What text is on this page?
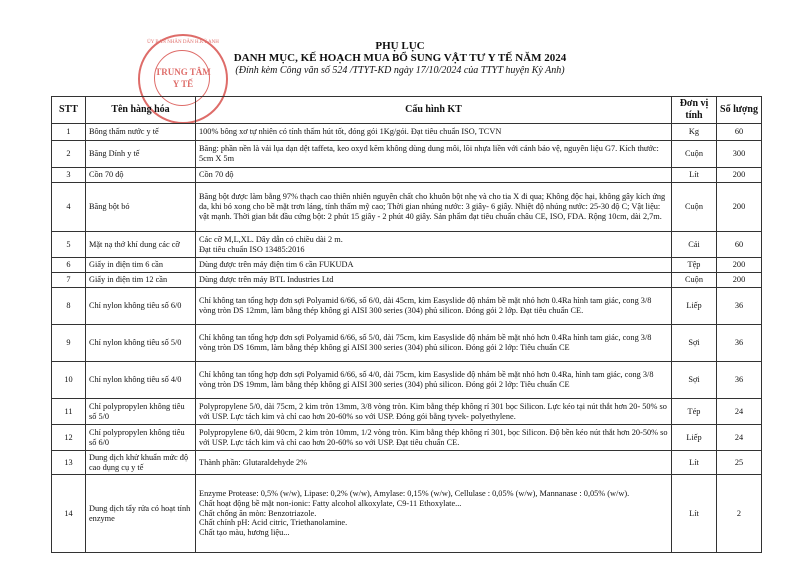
PHỤ LỤC
DANH MỤC, KẾ HOẠCH MUA BỔ SUNG VẬT TƯ Y TẾ NĂM 2024
(Đính kèm Công văn số 524 /TTYT-KD ngày 17/10/2024 của TTYT huyện Kỳ Anh)
ỦY BAN NHÂN DÂN H.KỲ ANH
TRUNG TÂM
Y TẾ
STT	Tên hàng hóa	Cấu hình KT	Đơn vị tính	Số lượng
1	Bông thấm nước y tế	100% bông xơ tự nhiên có tính thấm hút tốt, đóng gói 1Kg/gói. Đạt tiêu chuẩn ISO, TCVN	Kg	60
2	Băng Dính y tế	Băng: phần nền là vải lụa dạn dệt taffeta, keo oxyd kẽm không dùng dung môi, lõi nhựa liền với cánh bảo vệ, nguyên liệu G7. Kích thước: 5cm X 5m	Cuộn	300
3	Cồn 70 độ	Cồn 70 độ	Lít	200
4	Băng bột bó	Băng bột được làm bằng 97% thạch cao thiên nhiên nguyên chất cho khuôn bột nhẹ và cho tia X đi qua; Không độc hại, không gây kích ứng da, khi bó xong cho bề mặt trơn láng, tính thấm mỹ cao; Thời gian nhúng nước: 3 giây- 6 giây. Nhiệt độ nhúng nước: 25-30 độ C; Vật liệu: vật mạnh. Thời gian bắt đầu cứng bột: 2 phút 15 giây - 2 phút 40 giây. Sản phẩm đạt tiêu chuẩn châu CE, ISO, FDA. Rộng 10cm, dài 2,7m.	Cuộn	200
5	Mặt nạ thở khí dung các cỡ	Các cỡ M,L,XL. Dây dẫn có chiều dài 2 m.
Đạt tiêu chuẩn ISO 13485:2016	Cái	60
6	Giấy in điện tim 6 cần	Dùng được trên máy điện tim 6 cần FUKUDA	Tệp	200
7	Giấy in điện tim 12 cần	Dùng được trên máy BTL Industries Ltd	Cuộn	200
8	Chỉ nylon không tiêu số 6/0	Chỉ không tan tổng hợp đơn sợi Polyamid 6/66, số 6/0, dài 45cm, kim Easyslide độ nhám bề mặt nhỏ hơn 0.4Ra hình tam giác, cong 3/8 vòng tròn DS 12mm, làm bằng thép không gỉ AISI 300 series (304) phủ silicon. Đóng gói 2 lớp. Đạt tiêu chuẩn CE.	Liếp	36
9	Chỉ nylon không tiêu số 5/0	Chỉ không tan tổng hợp đơn sợi Polyamid 6/66, số 5/0, dài 75cm, kim Easyslide độ nhám bề mặt nhỏ hơn 0.4Ra hình tam giác, cong 3/8 vòng tròn DS 16mm, làm bằng thép không gỉ AISI 300 series (304) phủ silicon. Đóng gói 2 lớp: Tiêu chuẩn CE	Sợi	36
10	Chỉ nylon không tiêu số 4/0	Chỉ không tan tổng hợp đơn sợi Polyamid 6/66, số 4/0, dài 75cm, kim Easyslide độ nhám bề mặt nhỏ hơn 0.4Ra, hình tam giác, cong 3/8 vòng tròn DS 19mm, làm bằng thép không gỉ AISI 300 series (304) phủ silicon. Đóng gói 2 lớp: Tiêu chuẩn CE	Sợi	36
11	Chỉ polypropylen không tiêu số 5/0	Polypropylene 5/0, dài 75cm, 2 kim tròn 13mm, 3/8 vòng tròn. Kim bằng thép không rỉ 301 bọc Silicon. Lực kéo tại nút thắt hơn 20- 50% so với USP. Lực tách kim và chỉ cao hơn 20-60% so với USP. Đóng gói bằng tyvek- polyethylene.	Tép	24
12	Chỉ polypropylen không tiêu số 6/0	Polypropylene 6/0, dài 90cm, 2 kim tròn 10mm, 1/2 vòng tròn. Kim bằng thép không rỉ 301, bọc Silicon. Độ bền kéo nút thắt hơn 20-50% so với USP. Lực tách kim và chỉ cao hơn 20-60% so với USP. Đạt tiêu chuẩn CE.	Liếp	24
13	Dung dịch khử khuẩn mức độ cao dụng cụ y tế	Thành phần: Glutaraldehyde 2%	Lít	25
14	Dung dịch tẩy rửa có hoạt tính enzyme	Enzyme Protease: 0,5% (w/w), Lipase: 0,2% (w/w), Amylase: 0,15% (w/w), Cellulase : 0,05% (w/w), Mannanase : 0,05% (w/w).
Chất hoạt động bề mặt non-ionic: Fatty alcohol alkoxylate, C9-11 Ethoxylate...
Chất chống ăn mòn: Benzotriazole.
Chất chỉnh pH: Acid citric, Triethanolamine.
Chất tạo màu, hương liệu...	Lít	2
